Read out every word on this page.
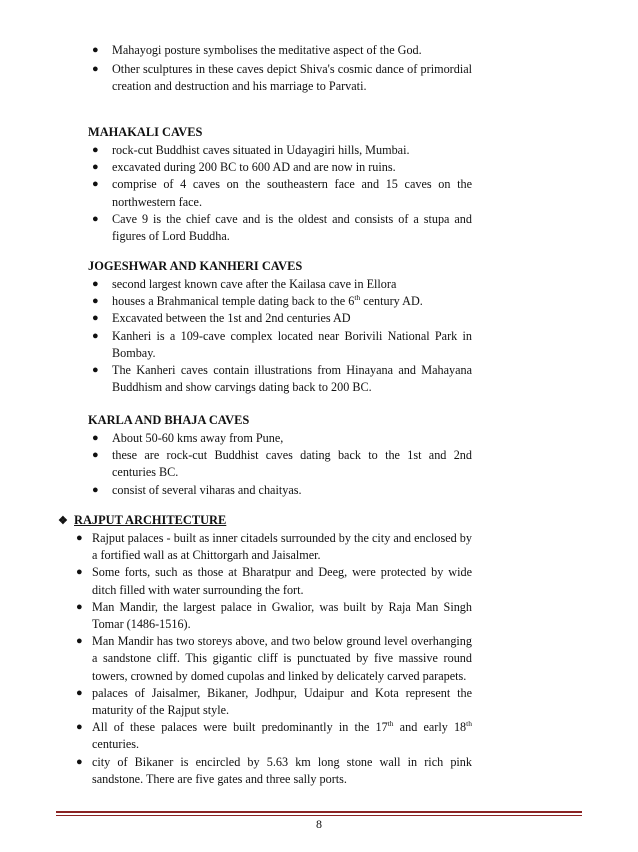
● Mahayogi posture symbolises the meditative aspect of the God.
● Other sculptures in these caves depict Shiva's cosmic dance of primordial creation and destruction and his marriage to Parvati.
MAHAKALI CAVES
● rock-cut Buddhist caves situated in Udayagiri hills, Mumbai.
● excavated during 200 BC to 600 AD and are now in ruins.
● comprise of 4 caves on the southeastern face and 15 caves on the northwestern face.
● Cave 9 is the chief cave and is the oldest and consists of a stupa and figures of Lord Buddha.
JOGESHWAR AND KANHERI CAVES
● second largest known cave after the Kailasa cave in Ellora
● houses a Brahmanical temple dating back to the 6th century AD.
● Excavated between the 1st and 2nd centuries AD
● Kanheri is a 109-cave complex located near Borivili National Park in Bombay.
● The Kanheri caves contain illustrations from Hinayana and Mahayana Buddhism and show carvings dating back to 200 BC.
KARLA AND BHAJA CAVES
● About 50-60 kms away from Pune,
● these are rock-cut Buddhist caves dating back to the 1st and 2nd centuries BC.
● consist of several viharas and chaityas.
❖ RAJPUT ARCHITECTURE
● Rajput palaces - built as inner citadels surrounded by the city and enclosed by a fortified wall as at Chittorgarh and Jaisalmer.
● Some forts, such as those at Bharatpur and Deeg, were protected by wide ditch filled with water surrounding the fort.
● Man Mandir, the largest palace in Gwalior, was built by Raja Man Singh Tomar (1486-1516).
● Man Mandir has two storeys above, and two below ground level overhanging a sandstone cliff. This gigantic cliff is punctuated by five massive round towers, crowned by domed cupolas and linked by delicately carved parapets.
● palaces of Jaisalmer, Bikaner, Jodhpur, Udaipur and Kota represent the maturity of the Rajput style.
● All of these palaces were built predominantly in the 17th and early 18th centuries.
● city of Bikaner is encircled by 5.63 km long stone wall in rich pink sandstone. There are five gates and three sally ports.
8
